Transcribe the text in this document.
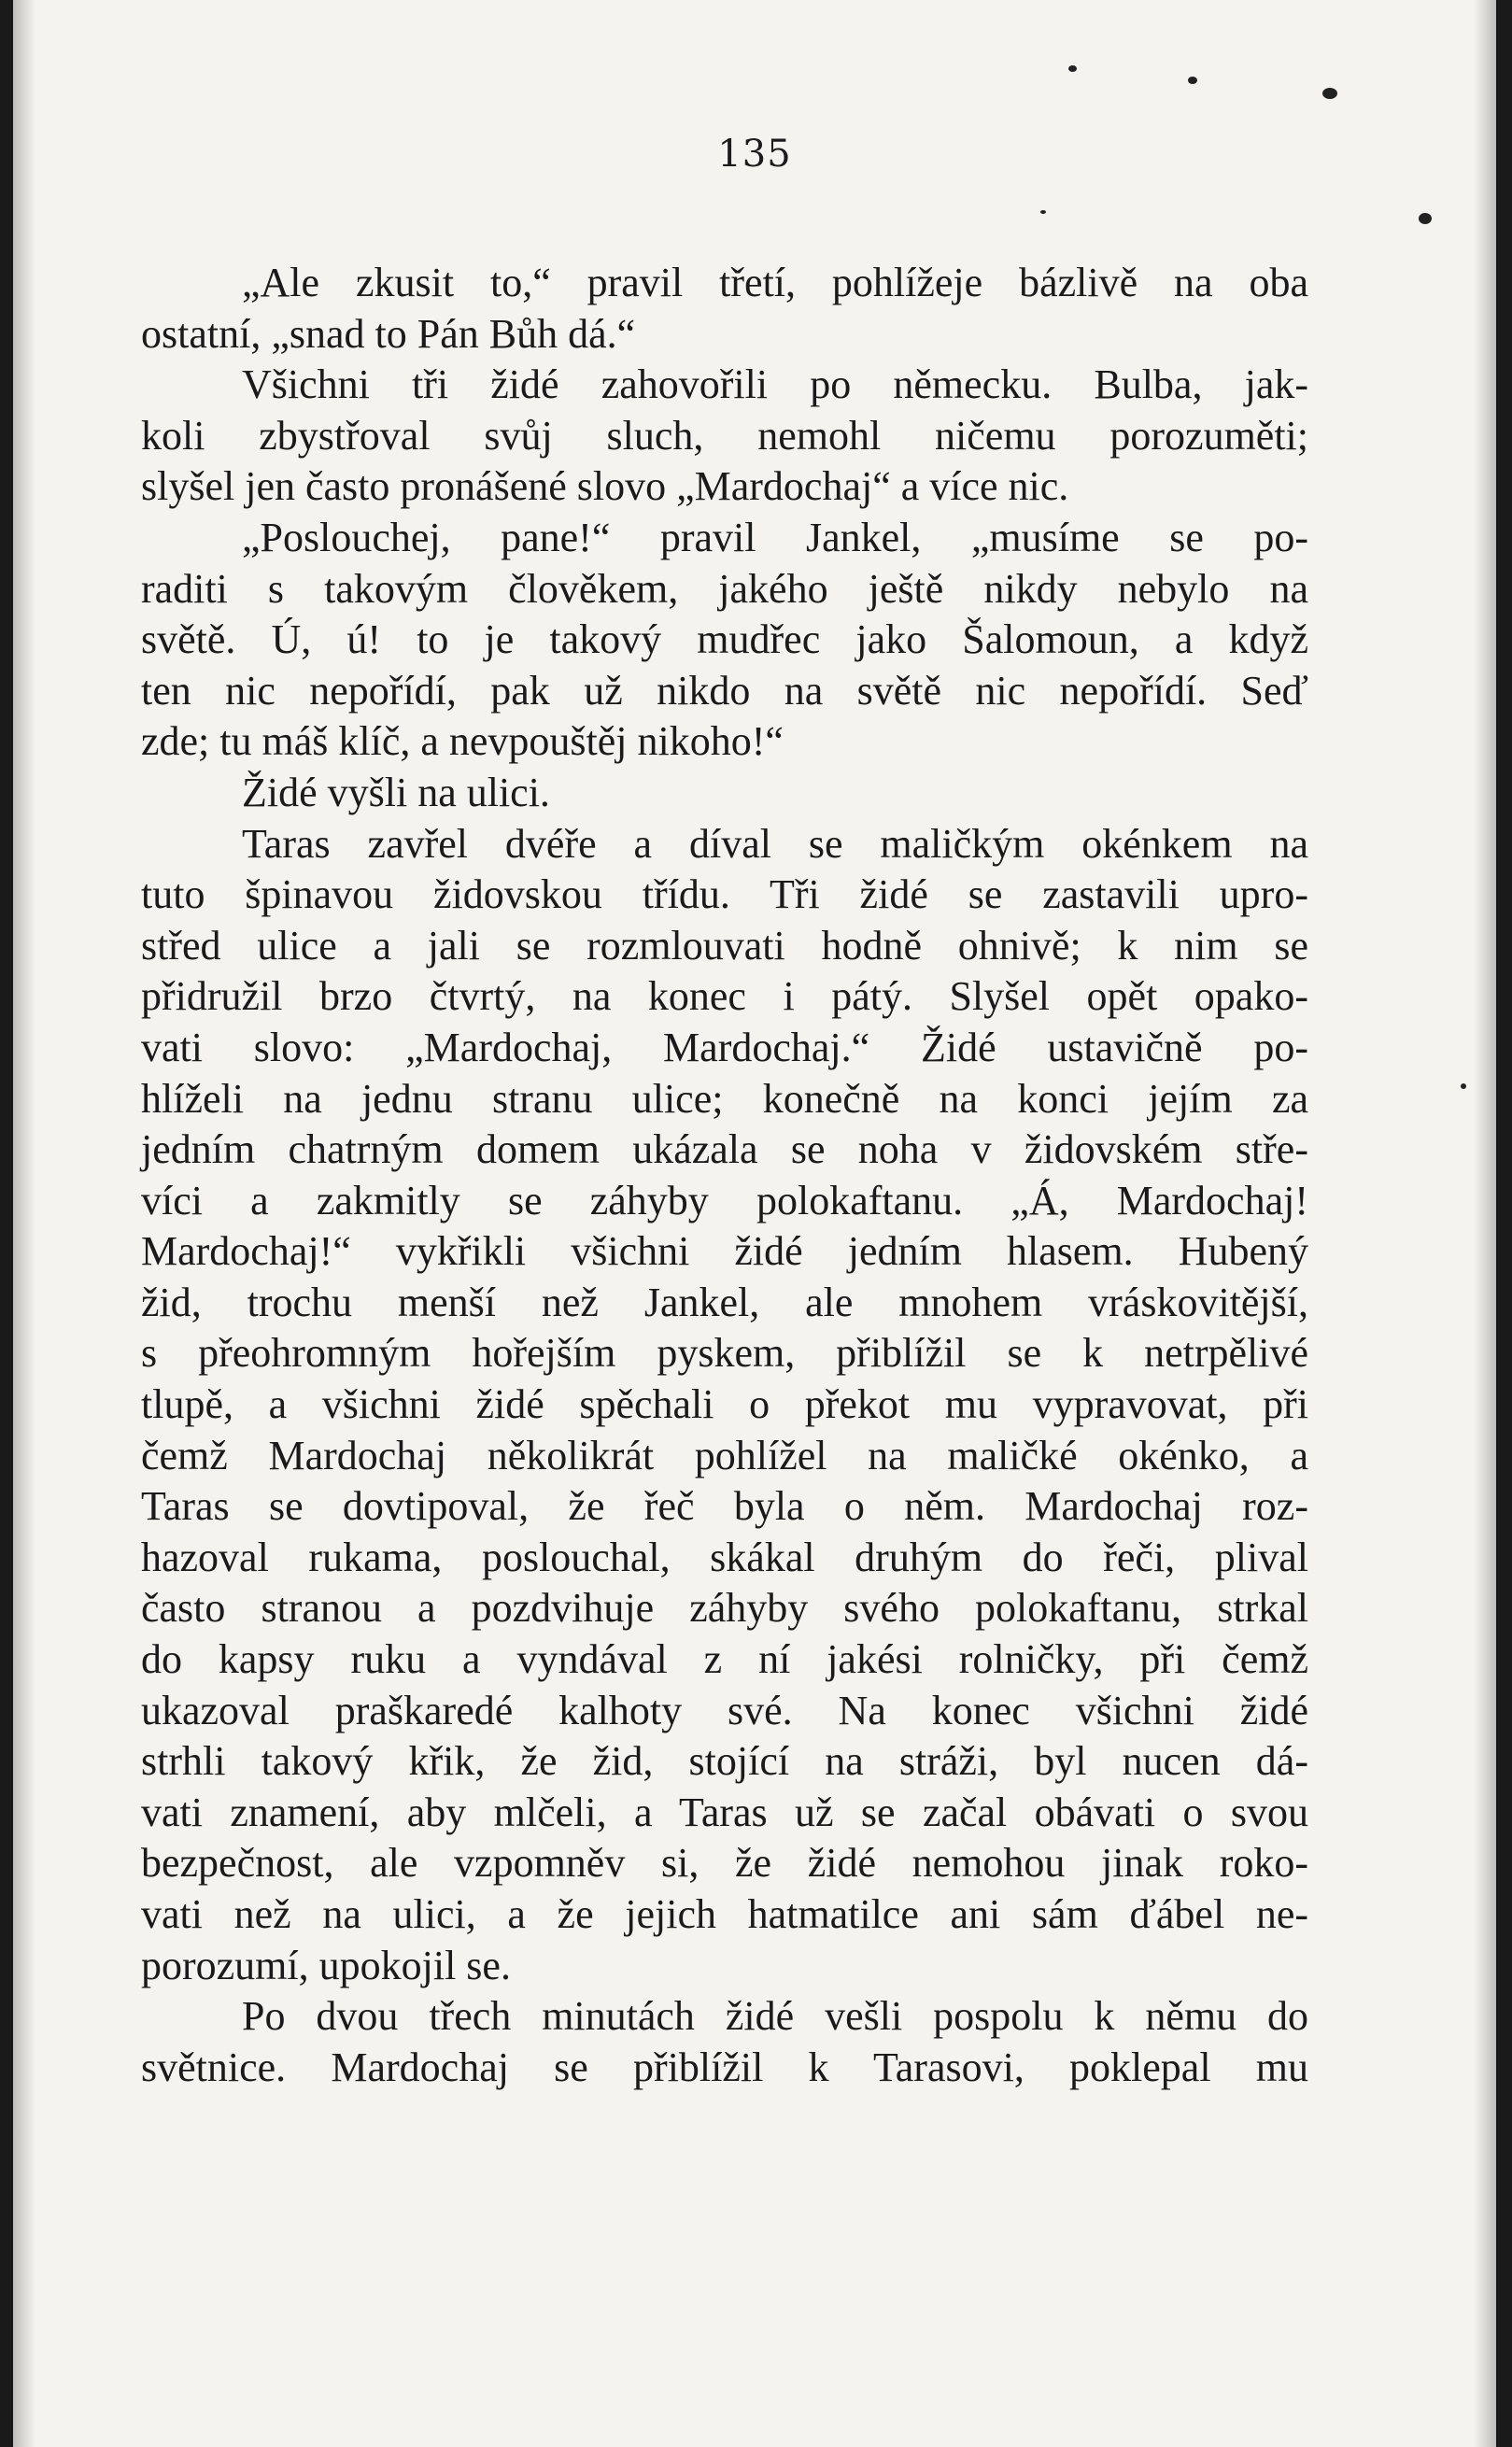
135
„Ale zkusit to,“ pravil třetí, pohlížeje bázlivě na oba
ostatní, „snad to Pán Bůh dá.“
Všichni tři židé zahovořili po německu. Bulba, jak-
koli zbystřoval svůj sluch, nemohl ničemu porozuměti;
slyšel jen často pronášené slovo „Mardochaj“ a více nic.
„Poslouchej, pane!“ pravil Jankel, „musíme se po-
raditi s takovým člověkem, jakého ještě nikdy nebylo na
světě. Ú, ú! to je takový mudřec jako Šalomoun, a když
ten nic nepořídí, pak už nikdo na světě nic nepořídí. Seď
zde; tu máš klíč, a nevpouštěj nikoho!“
Židé vyšli na ulici.
Taras zavřel dvéře a díval se maličkým okénkem na
tuto špinavou židovskou třídu. Tři židé se zastavili upro-
střed ulice a jali se rozmlouvati hodně ohnivě; k nim se
přidružil brzo čtvrtý, na konec i pátý. Slyšel opět opako-
vati slovo: „Mardochaj, Mardochaj.“ Židé ustavičně po-
hlíželi na jednu stranu ulice; konečně na konci jejím za
jedním chatrným domem ukázala se noha v židovském stře-
víci a zakmitly se záhyby polokaftanu. „Á, Mardochaj!
Mardochaj!“ vykřikli všichni židé jedním hlasem. Hubený
žid, trochu menší než Jankel, ale mnohem vráskovitější,
s přeohromným hořejším pyskem, přiblížil se k netrpělivé
tlupě, a všichni židé spěchali o překot mu vypravovat, při
čemž Mardochaj několikrát pohlížel na maličké okénko, a
Taras se dovtipoval, že řeč byla o něm. Mardochaj roz-
hazoval rukama, poslouchal, skákal druhým do řeči, plival
často stranou a pozdvihuje záhyby svého polokaftanu, strkal
do kapsy ruku a vyndával z ní jakési rolničky, při čemž
ukazoval praškaredé kalhoty své. Na konec všichni židé
strhli takový křik, že žid, stojící na stráži, byl nucen dá-
vati znamení, aby mlčeli, a Taras už se začal obávati o svou
bezpečnost, ale vzpomněv si, že židé nemohou jinak roko-
vati než na ulici, a že jejich hatmatilce ani sám ďábel ne-
porozumí, upokojil se.
Po dvou třech minutách židé vešli pospolu k němu do
světnice. Mardochaj se přiblížil k Tarasovi, poklepal mu
